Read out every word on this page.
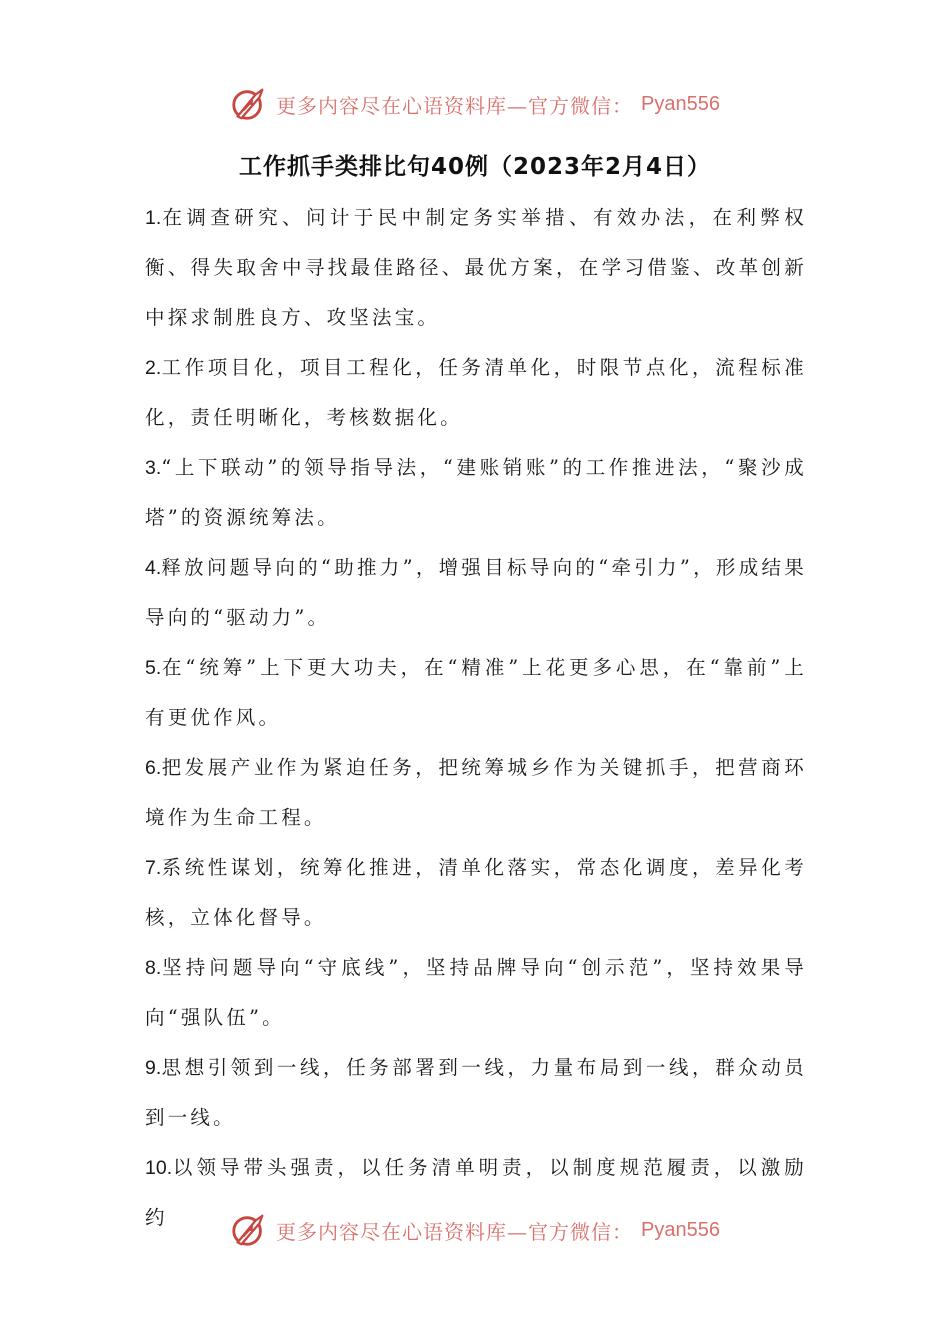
更多内容尽在心语资料库—官方微信： Pyan556
工作抓手类排比句40例（2023年2月4日）

1.在调查研究、问计于民中制定务实举措、有效办法，在利弊权衡、得失取舍中寻找最佳路径、最优方案，在学习借鉴、改革创新中探求制胜良方、攻坚法宝。

2.工作项目化，项目工程化，任务清单化，时限节点化，流程标准化，责任明晰化，考核数据化。

3.“上下联动”的领导指导法，“建账销账”的工作推进法，“聚沙成塔”的资源统筹法。

4.释放问题导向的“助推力”，增强目标导向的“牵引力”，形成结果导向的“驱动力”。

5.在“统筹”上下更大功夫，在“精准”上花更多心思，在“靠前”上有更优作风。

6.把发展产业作为紧迫任务，把统筹城乡作为关键抓手，把营商环境作为生命工程。

7.系统性谋划，统筹化推进，清单化落实，常态化调度，差异化考核，立体化督导。

8.坚持问题导向“守底线”，坚持品牌导向“创示范”，坚持效果导向“强队伍”。

9.思想引领到一线，任务部署到一线，力量布局到一线，群众动员到一线。

10.以领导带头强责，以任务清单明责，以制度规范履责，以激励约

更多内容尽在心语资料库—官方微信： Pyan556
